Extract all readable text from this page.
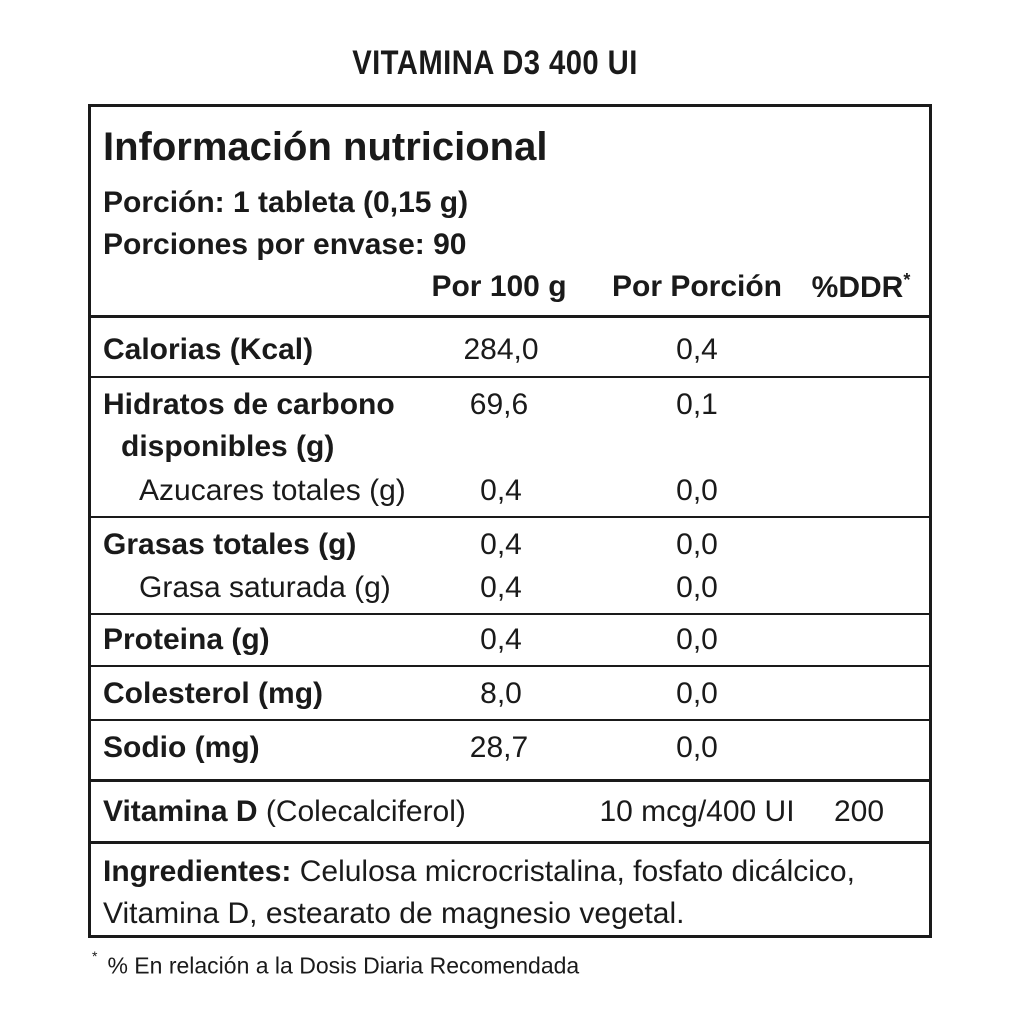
VITAMINA D3 400 UI
Información nutricional
Porción: 1 tableta (0,15 g)
Porciones por envase: 90
Por 100 g Por Porción %DDR*
Calorias (Kcal)	284,0	0,4
Hidratos de carbono
disponibles (g)
69,6	0,1
Azucares totales (g) 0,4	0,0
Grasas totales (g)	0,4	0,0
Grasa saturada (g)	0,4	0,0
Proteina (g)	0,4	0,0
Colesterol (mg)	8,0	0,0
Sodio (mg)	28,7	0,0
Vitamina D (Colecalciferol)	10 mcg/400 UI 200
Ingredientes: Celulosa microcristalina, fosfato dicálcico, Vitamina D, estearato de magnesio vegetal.
* % En relación a la Dosis Diaria Recomendada
